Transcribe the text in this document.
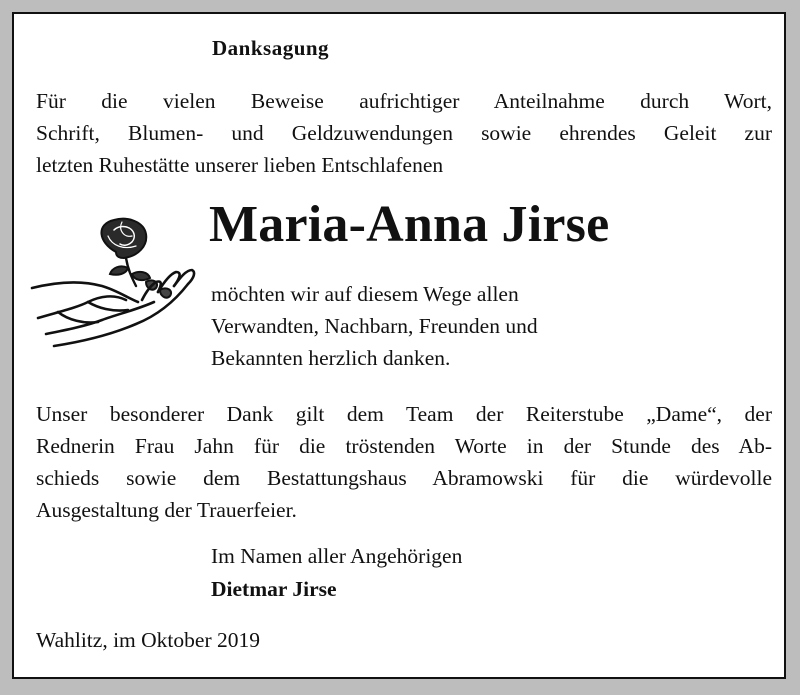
Danksagung
Für die vielen Beweise aufrichtiger Anteilnahme durch Wort,
Schrift, Blumen- und Geldzuwendungen sowie ehrendes Geleit zur
letzten Ruhestätte unserer lieben Entschlafenen
Maria-Anna Jirse
möchten wir auf diesem Wege allen
Verwandten, Nachbarn, Freunden und
Bekannten herzlich danken.
Unser besonderer Dank gilt dem Team der Reiterstube „Dame“, der
Rednerin Frau Jahn für die tröstenden Worte in der Stunde des Ab-
schieds sowie dem Bestattungshaus Abramowski für die würdevolle
Ausgestaltung der Trauerfeier.
Im Namen aller Angehörigen
Dietmar Jirse
Wahlitz, im Oktober 2019
